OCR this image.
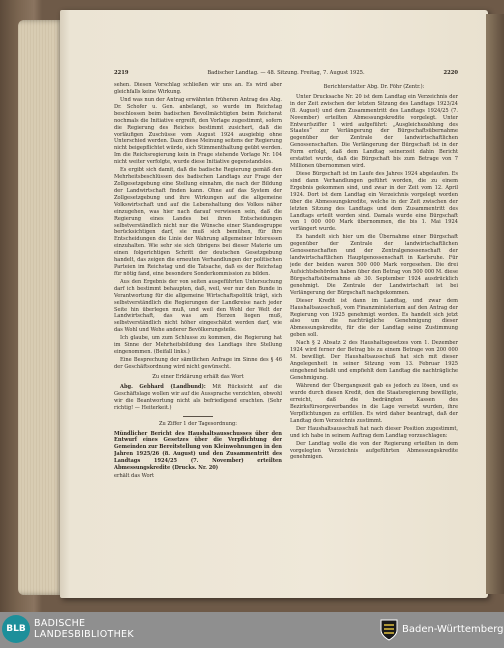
2219	Badischer Landtag. — 48. Sitzung. Freitag, 7. August 1925.	2220

sehen. Diesen Vorschlag schließen wir uns an. Es wird aber gleichfalls keine Wirkung.

Und was nun der Antrag erwähnten früheren Antrag des Abg. Dr. Schofer u. Gen. anbelangt, so wurde im Reichstag beschlossen beim badischen Bevollmächtigten beim Reichsrat nochmals die Initiative ergreift, den Vorlage zugestimmt, sofern die Regierung des Reiches bestimmt zusichert, daß die vorläufigen Zuschüsse vom August 1924 ausgiebig ohne Unterschied werden. Dazu diese Meinung seitens der Regierung nicht beigepflichtet würde, sich Stimmenthaltung geübt werden. Im die Reichsregierung kein in Frage stehende Vorlage Nr. 104 nicht weiter verfolgte, wurde diese Initiative gegenstandslos.

Es ergibt sich damit, daß die badische Regierung gemäß den Mehrheitsbeschlüssen des badischen Landtags zur Frage der Zollgesetzgebung eine Stellung einnahm, die nach der Bildung der Landwirtschaft finden kann. Ohne auf das System der Zollgesetzgebung und ihre Wirkungen auf die allgemeine Volkswirtschaft und auf die Lebenshaltung des Volkes näher einzugehen, was hier nach darauf verwiesen sein, daß die Regierung eines Landes bei ihren Entscheidungen selbstverständlich nicht nur die Wünsche einer Standesgruppe berücksichtigen darf, sie muß sich bemühen, für ihre Entscheidungen die Linie der Wahrung allgemeiner Interessen einzuhalten. Wie sehr sie sich übrigens bei dieser Materie um einen folgerichtigen Schritt der deutschen Gesetzgebung handelt, das zeigen die erneuten Verhandlungen der politischen Parteien im Reichstag und die Tatsache, daß es der Reichstag für nötig fand, eine besondere Sonderkommission zu bilden.

Aus den Ergebnis der von seiten ausgeführten Untersuchung darf ich bestimmt behaupten, daß, weil, wer nur den Bunde in Verantwortung für die allgemeine Wirtschaftspolitik trägt, sich selbstverständlich die Regierungen der Landkreise nach jeder Seite hin überlegen muß, und weil den Wohl der Welt der Landwirtschaft, das was am Herzen liegen muß, selbstverständlich nicht höher eingeschätzt werden darf, wie das Wohl und Wehe anderer Bevölkerungsteile.

Ich glaube, um zum Schlusse zu kommen, die Regierung hat im Sinne der Mehrheitsbildung des Landtags ihre Stellung eingenommen. (Beifall links.)

Eine Besprechung der sämtlichen Anfrage im Sinne des § 46 der Geschäftsordnung wird nicht gewünscht.

Zu einer Erklärung erhält das Wort

Abg. Gebhard (Landbund): Mit Rücksicht auf die Geschäftslage wollen wir auf die Aussprache verzichten, obwohl wir die Beantwortung nicht als befriedigend erachten. (Sehr richtig! — Heiterkeit.)

Zu Ziffer 1 der Tagesordnung:

Mündlicher Bericht des Haushaltsausschusses über den Entwurf eines Gesetzes über die Verpflichtung der Gemeinden zur Bereitstellung von Kleinwohnungen in den Jahren 1925/26 (8. August) und den Zusammentritt des Landtags 1924/25 (7. November) erteilten Abmessungskredite (Drucks. Nr. 20)

erhält das Wort

Berichterstatter Abg. Dr. Föhr (Zentr.):

Unter Drucksache Nr. 20 ist dem Landtag ein Verzeichnis der in der Zeit zwischen der letzten Sitzung des Landtags 1923/24 (8. August) und dem Zusammentritt des Landtags 1924/25 (7. November) erteilten Abmessungskredite vorgelegt. Unter Entwurfsziffer 1 wird aufgeführt: „Ausgleichszahlung des Staates“ zur Verlängerung der Bürgschaftsübernahme gegenüber der Zentrale der landwirtschaftlichen Genossenschaften. Die Verlängerung der Bürgschaft ist in der Form erfolgt, daß dem Landtag seinerzeit dahin Bericht erstattet wurde, daß die Bürgschaft bis zum Betrage von 7 Millionen übernommen wird.

Diese Bürgschaft ist im Laufe des Jahres 1924 abgelaufen. Es sind dann Verhandlungen geführt worden, die zu einem Ergebnis gekommen sind, und zwar in der Zeit vom 12. April 1924. Dort ist dem Landtag ein Verzeichnis vorgelegt worden über die Abmessungskredite, welche in der Zeit zwischen der letzten Sitzung des Landtags und dem Zusammentritt des Landtags erteilt worden sind. Damals wurde eine Bürgschaft von 1 000 000 Mark übernommen, die bis 1. Mai 1924 verlängert wurde.

Es handelt sich hier um die Übernahme einer Bürgschaft gegenüber der Zentrale der landwirtschaftlichen Genossenschaften und der Zentralgenossenschaft der landwirtschaftlichen Hauptgenossenschaft in Karlsruhe. Für jede der beiden waren 500 000 Mark vorgesehen. Die drei Aufsichtsbehörden haben über den Betrag von 500 000 M. diese Bürgschaftsübernahme ab 30. September 1924 ausdrücklich genehmigt. Die Zentrale der Landwirtschaft ist bei Verlängerung der Bürgschaft nachgekommen.

Dieser Kredit ist dann im Landtag, und zwar dem Haushaltsausschuß, vom Finanzministerium auf den Antrag der Regierung von 1925 genehmigt worden. Es handelt sich jetzt also um die nachträgliche Genehmigung dieser Abmessungskredite, für die der Landtag seine Zustimmung geben soll.

Nach § 2 Absatz 2 des Haushaltsgesetzes vom 1. Dezember 1924 wird ferner der Betrag bis zu einem Betrage von 200 000 M. bewilligt. Der Haushaltsausschuß hat sich mit dieser Angelegenheit in seiner Sitzung vom 13. Februar 1925 eingehend befaßt und empfiehlt dem Landtag die nachträgliche Genehmigung.

Während der Übergangszeit gab es jedoch zu lösen, und es wurde durch diesen Kredit, den die Staatsregierung bewilligte, erreicht, daß die bedrängten Kassen des Bezirksfürsorgeverbandes in die Lage versetzt wurden, ihre Verpflichtungen zu erfüllen. Es wird daher beantragt, daß der Landtag dem Verzeichnis zustimmt.

Der Haushaltsausschuß hat nach dieser Position zugestimmt, und ich habe in seinem Auftrag dem Landtag vorzuschlagen:

Der Landtag wolle die von der Regierung erteilten in dem vorgelegten Verzeichnis aufgeführten Abmessungskredite genehmigen.

BLB BADISCHE
LANDESBIBLIOTHEK	Baden-Württemberg
